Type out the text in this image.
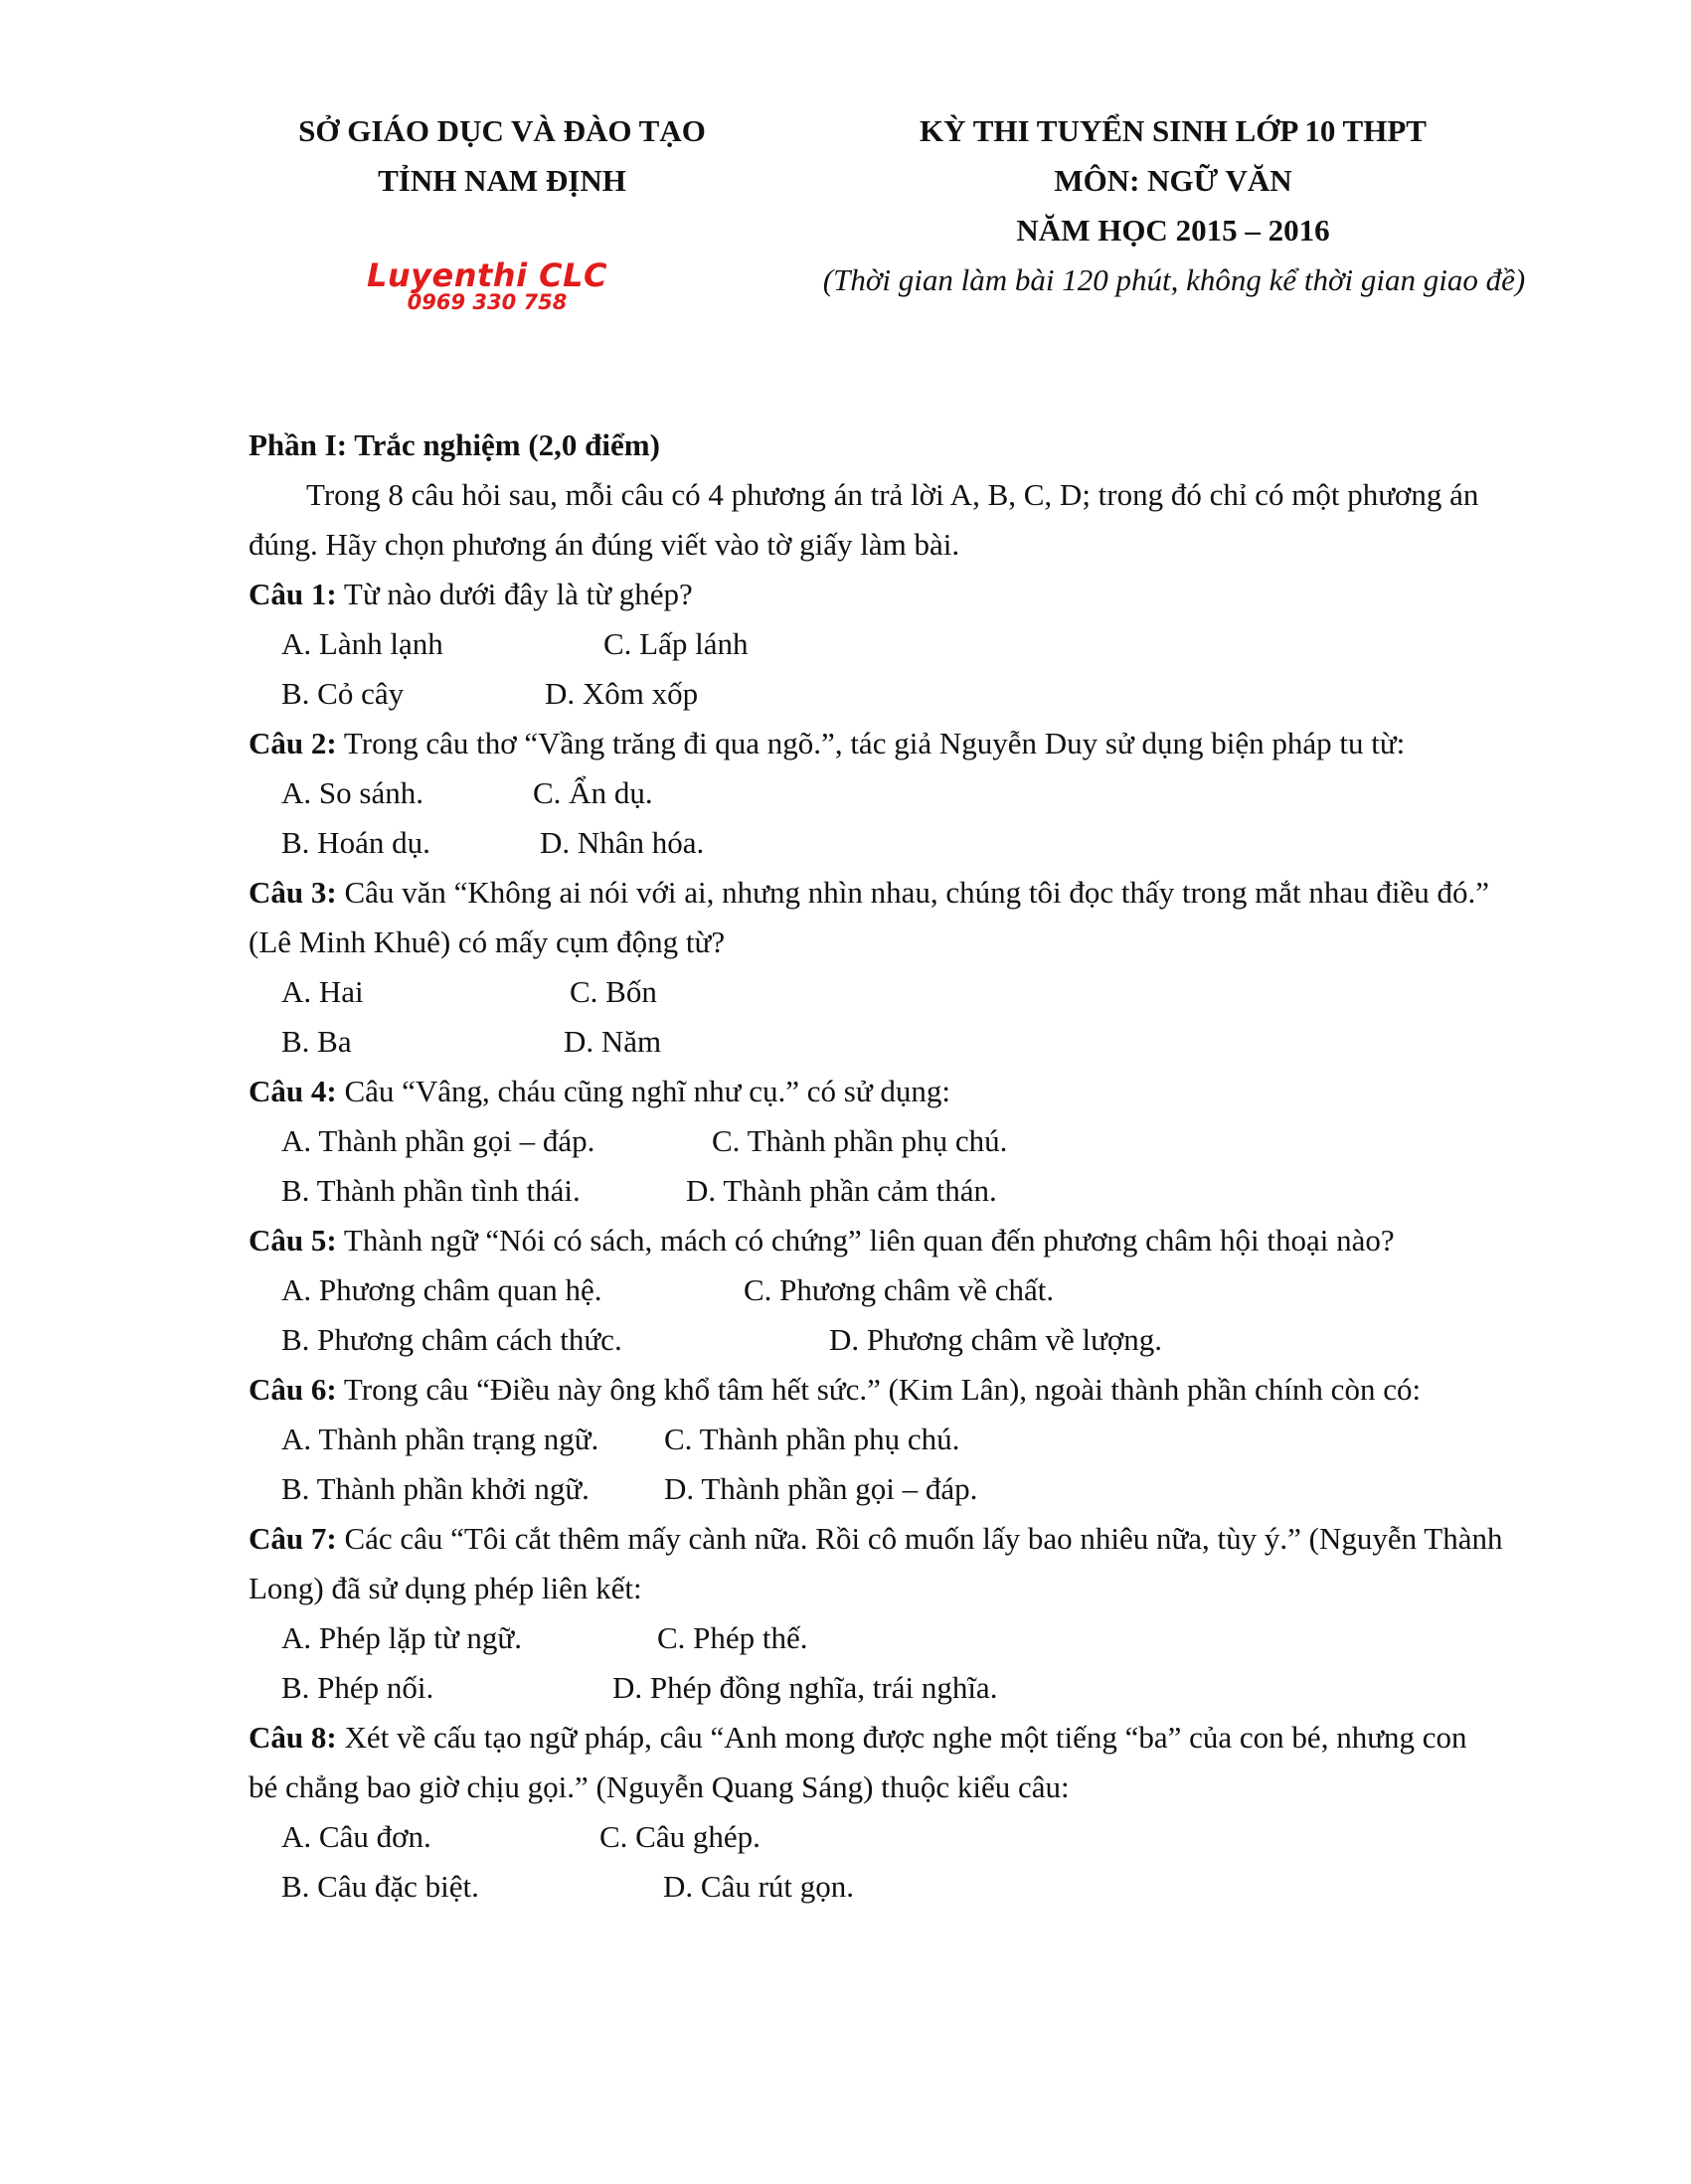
SỞ GIÁO DỤC VÀ ĐÀO TẠO
TỈNH NAM ĐỊNH
KỲ THI TUYỂN SINH LỚP 10 THPT
MÔN: NGỮ VĂN
NĂM HỌC 2015 – 2016
(Thời gian làm bài 120 phút, không kể thời gian giao đề)
Luyenthi CLC
0969 330 758
Phần I: Trắc nghiệm (2,0 điểm)
Trong 8 câu hỏi sau, mỗi câu có 4 phương án trả lời A, B, C, D; trong đó chỉ có một phương án
đúng. Hãy chọn phương án đúng viết vào tờ giấy làm bài.
Câu 1: Từ nào dưới đây là từ ghép?
A. Lành lạnh	C. Lấp lánh
B. Cỏ cây	D. Xôm xốp
Câu 2: Trong câu thơ “Vầng trăng đi qua ngõ.”, tác giả Nguyễn Duy sử dụng biện pháp tu từ:
A. So sánh.	C. Ẩn dụ.
B. Hoán dụ.	D. Nhân hóa.
Câu 3: Câu văn “Không ai nói với ai, nhưng nhìn nhau, chúng tôi đọc thấy trong mắt nhau điều đó.”
(Lê Minh Khuê) có mấy cụm động từ?
A. Hai	C. Bốn
B. Ba	D. Năm
Câu 4: Câu “Vâng, cháu cũng nghĩ như cụ.” có sử dụng:
A. Thành phần gọi – đáp.	C. Thành phần phụ chú.
B. Thành phần tình thái.	D. Thành phần cảm thán.
Câu 5: Thành ngữ “Nói có sách, mách có chứng” liên quan đến phương châm hội thoại nào?
A. Phương châm quan hệ.	C. Phương châm về chất.
B. Phương châm cách thức.	D. Phương châm về lượng.
Câu 6: Trong câu “Điều này ông khổ tâm hết sức.” (Kim Lân), ngoài thành phần chính còn có:
A. Thành phần trạng ngữ. C. Thành phần phụ chú.
B. Thành phần khởi ngữ. D. Thành phần gọi – đáp.
Câu 7: Các câu “Tôi cắt thêm mấy cành nữa. Rồi cô muốn lấy bao nhiêu nữa, tùy ý.” (Nguyễn Thành
Long) đã sử dụng phép liên kết:
A. Phép lặp từ ngữ.	C. Phép thế.
B. Phép nối.	D. Phép đồng nghĩa, trái nghĩa.
Câu 8: Xét về cấu tạo ngữ pháp, câu “Anh mong được nghe một tiếng “ba” của con bé, nhưng con
bé chẳng bao giờ chịu gọi.” (Nguyễn Quang Sáng) thuộc kiểu câu:
A. Câu đơn.	C. Câu ghép.
B. Câu đặc biệt.	D. Câu rút gọn.
